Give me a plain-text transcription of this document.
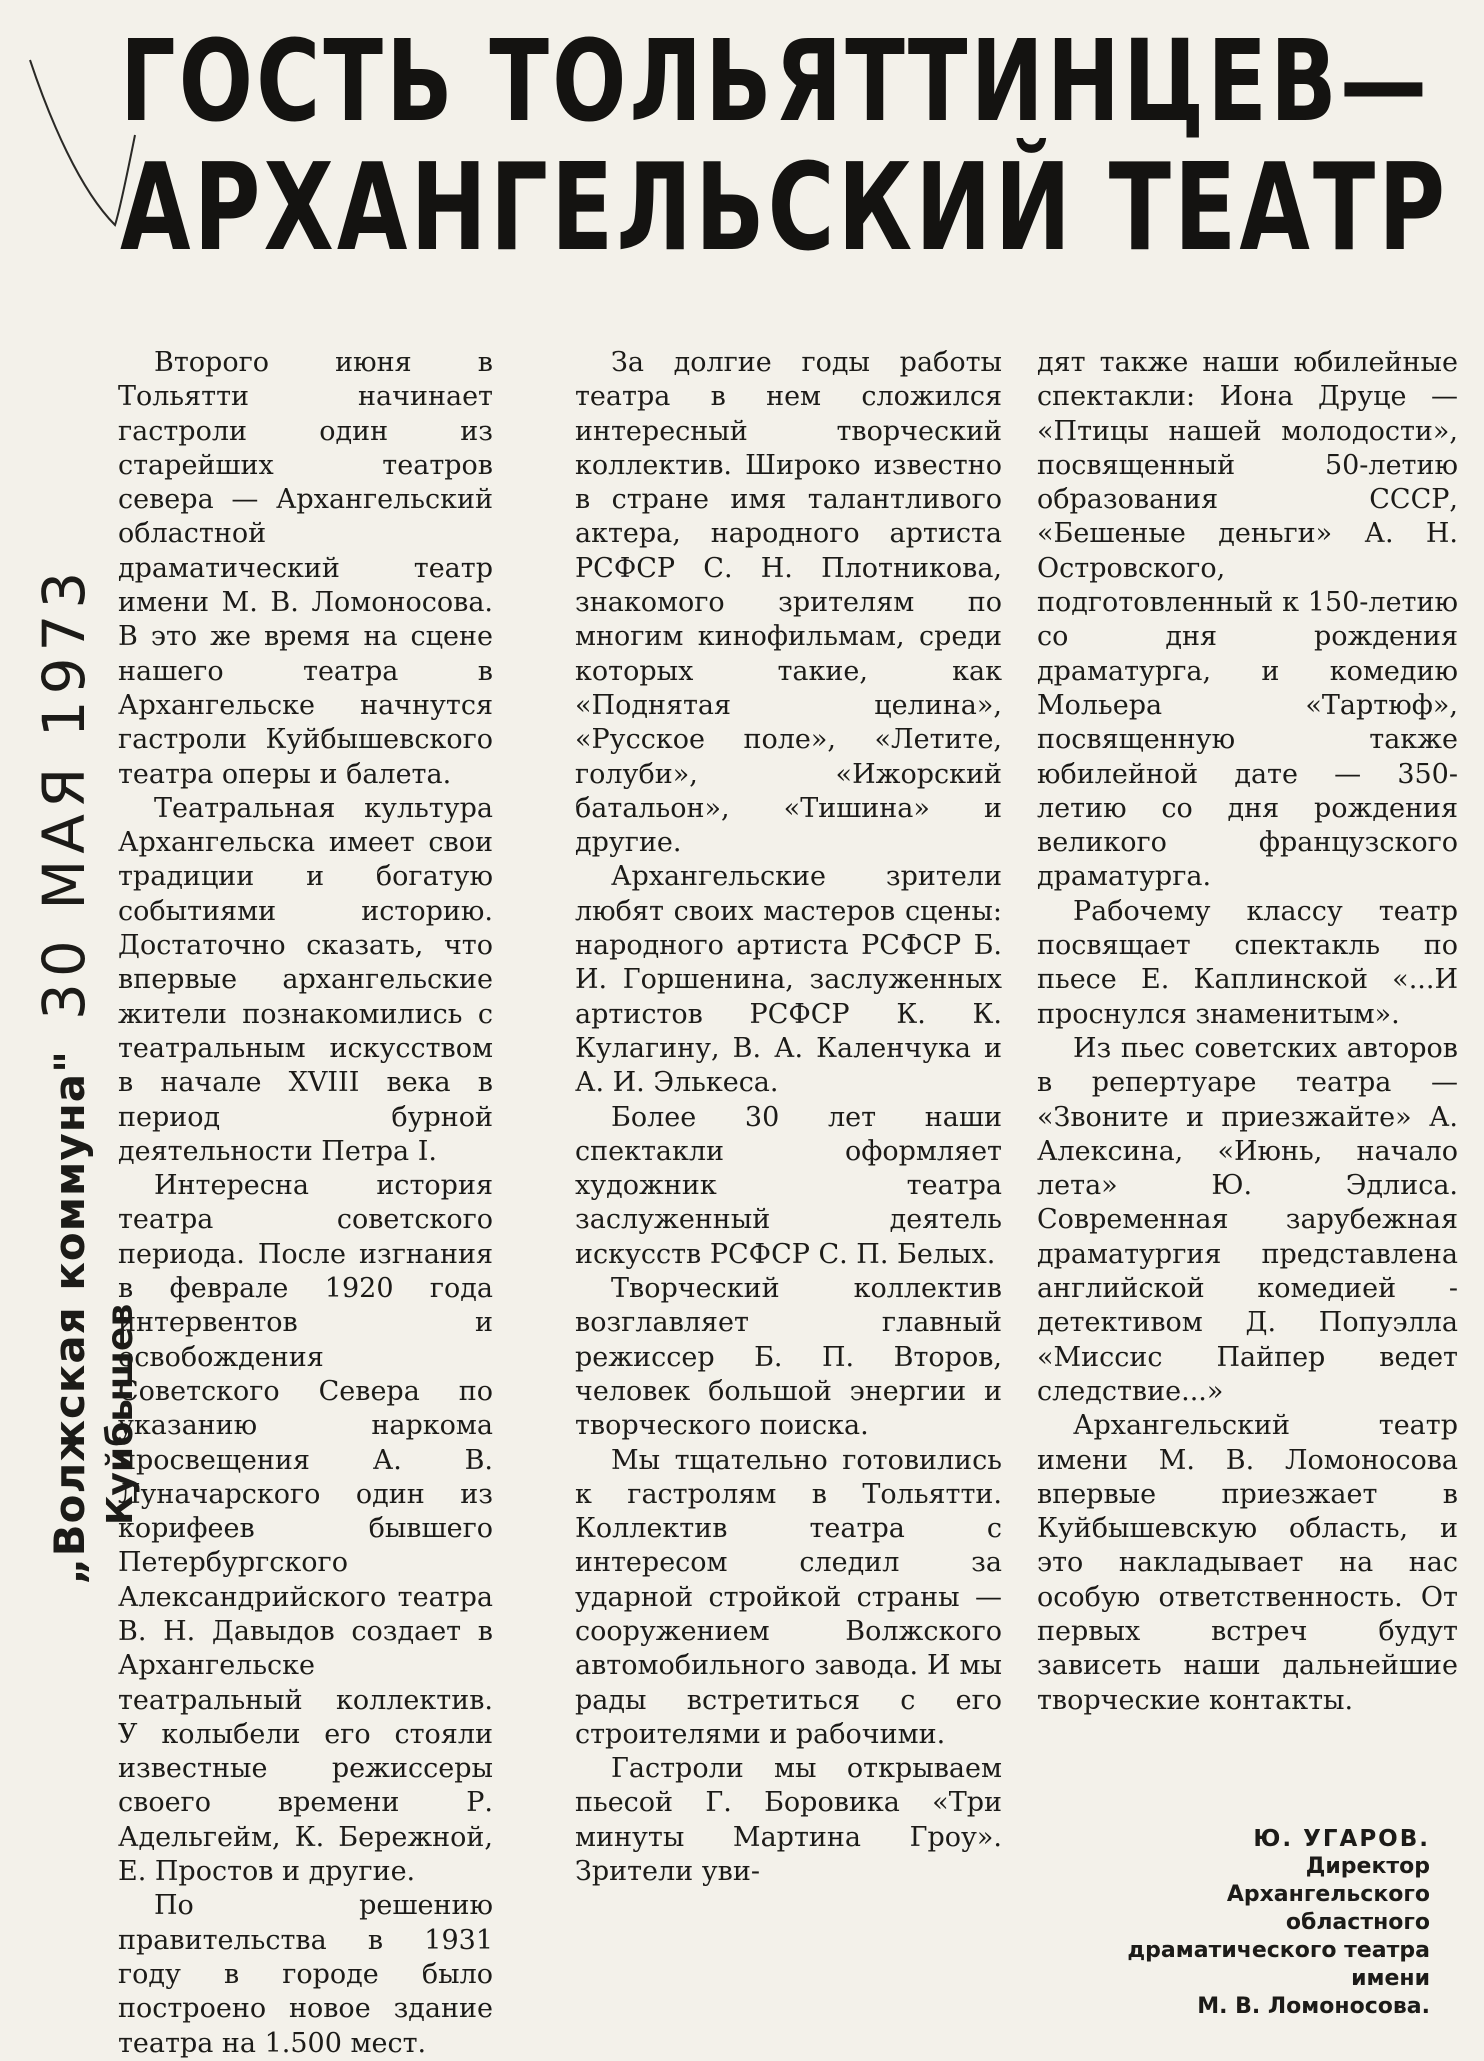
ГОСТЬ ТОЛЬЯТТИНЦЕВ—
АРХАНГЕЛЬСКИЙ ТЕАТР
„Волжская коммуна"
30 МАЯ 1973
Куйбышев

Второго июня в Тольятти начинает гастроли один из старейших театров севера — Архангельский областной драматический театр имени М. В. Ломоносова. В это же время на сцене нашего театра в Архангельске начнутся гастроли Куйбышевского театра оперы и балета.

Театральная культура Архангельска имеет свои традиции и богатую событиями историю. Достаточно сказать, что впервые архангельские жители познакомились с театральным искусством в начале XVIII века в период бурной деятельности Петра I.

Интересна история театра советского периода. После изгнания в феврале 1920 года интервентов и освобождения Советского Севера по указанию наркома просвещения А. В. Луначарского один из корифеев бывшего Петербургского Александрийского театра В. Н. Давыдов создает в Архангельске театральный коллектив. У колыбели его стояли известные режиссеры своего времени Р. Адельгейм, К. Бережной, Е. Простов и другие.

По решению правительства в 1931 году в городе было построено новое здание театра на 1.500 мест.

За долгие годы работы театра в нем сложился интересный творческий коллектив. Широко известно в стране имя талантливого актера, народного артиста РСФСР С. Н. Плотникова, знакомого зрителям по многим кинофильмам, среди которых такие, как «Поднятая целина», «Русское поле», «Летите, голуби», «Ижорский батальон», «Тишина» и другие.

Архангельские зрители любят своих мастеров сцены: народного артиста РСФСР Б. И. Горшенина, заслуженных артистов РСФСР К. К. Кулагину, В. А. Каленчука и А. И. Элькеса.

Более 30 лет наши спектакли оформляет художник театра заслуженный деятель искусств РСФСР С. П. Белых.

Творческий коллектив возглавляет главный режиссер Б. П. Второв, человек большой энергии и творческого поиска.

Мы тщательно готовились к гастролям в Тольятти. Коллектив театра с интересом следил за ударной стройкой страны — сооружением Волжского автомобильного завода. И мы рады встретиться с его строителями и рабочими.

Гастроли мы открываем пьесой Г. Боровика «Три минуты Мартина Гроу». Зрители уви-

дят также наши юбилейные спектакли: Иона Друце — «Птицы нашей молодости», посвященный 50-летию образования СССР, «Бешеные деньги» А. Н. Островского, подготовленный к 150-летию со дня рождения драматурга, и комедию Мольера «Тартюф», посвященную также юбилейной дате — 350-летию со дня рождения великого французского драматурга.

Рабочему классу театр посвящает спектакль по пьесе Е. Каплинской «...И проснулся знаменитым».

Из пьес советских авторов в репертуаре театра — «Звоните и приезжайте» А. Алексина, «Июнь, начало лета» Ю. Эдлиса. Современная зарубежная драматургия представлена английской комедией - детективом Д. Попуэлла «Миссис Пайпер ведет следствие...»

Архангельский театр имени М. В. Ломоносова впервые приезжает в Куйбышевскую область, и это накладывает на нас особую ответственность. От первых встреч будут зависеть наши дальнейшие творческие контакты.

Ю. УГАРОВ.
Директор
Архангельского
областного
драматического театра
имени
М. В. Ломоносова.
